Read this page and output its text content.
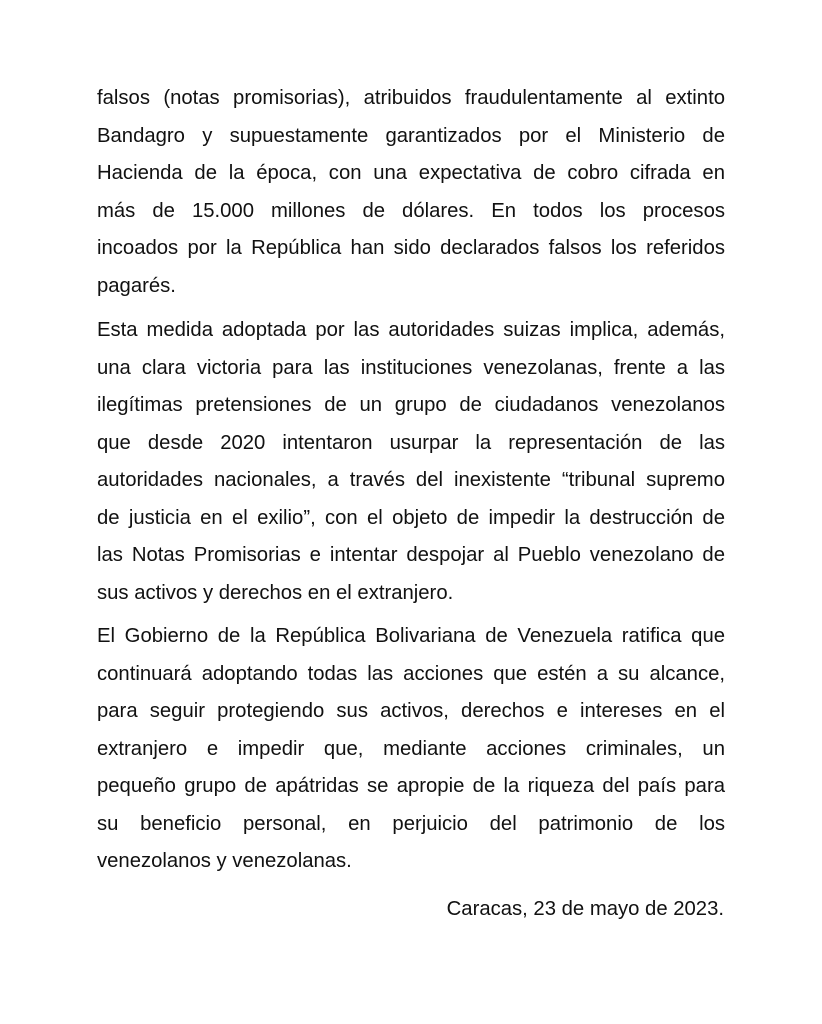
falsos (notas promisorias), atribuidos fraudulentamente al extinto
Bandagro y supuestamente garantizados por el Ministerio de
Hacienda de la época, con una expectativa de cobro cifrada en
más de 15.000 millones de dólares. En todos los procesos
incoados por la República han sido declarados falsos los referidos
pagarés.
Esta medida adoptada por las autoridades suizas implica, además,
una clara victoria para las instituciones venezolanas, frente a las
ilegítimas pretensiones de un grupo de ciudadanos venezolanos
que desde 2020 intentaron usurpar la representación de las
autoridades nacionales, a través del inexistente “tribunal supremo
de justicia en el exilio”, con el objeto de impedir la destrucción de
las Notas Promisorias e intentar despojar al Pueblo venezolano de
sus activos y derechos en el extranjero.
El Gobierno de la República Bolivariana de Venezuela ratifica que
continuará adoptando todas las acciones que estén a su alcance,
para seguir protegiendo sus activos, derechos e intereses en el
extranjero e impedir que, mediante acciones criminales, un
pequeño grupo de apátridas se apropie de la riqueza del país para
su beneficio personal, en perjuicio del patrimonio de los
venezolanos y venezolanas.
Caracas, 23 de mayo de 2023.
